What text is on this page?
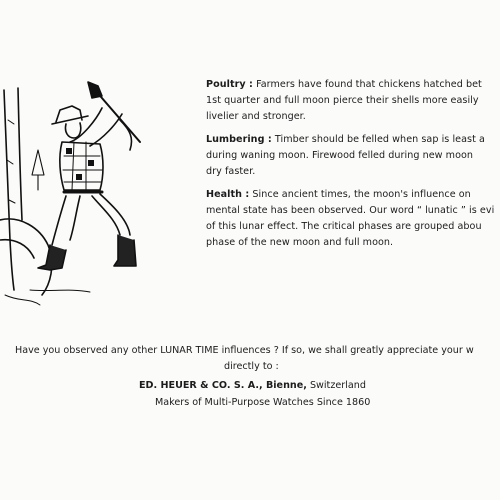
Poultry : Farmers have found that chickens hatched bet
1st quarter and full moon pierce their shells more easily
livelier and stronger.
Lumbering : Timber should be felled when sap is least a
during waning moon. Firewood felled during new moon
dry faster.
Health : Since ancient times, the moon's influence on
mental state has been observed. Our word “ lunatic ” is evi
of this lunar effect. The critical phases are grouped abou
phase of the new moon and full moon.
Have you observed any other LUNAR TIME influences ? If so, we shall greatly appreciate your w
directly to :
ED. HEUER & CO. S. A., Bienne, Switzerland
Makers of Multi-Purpose Watches Since 1860
